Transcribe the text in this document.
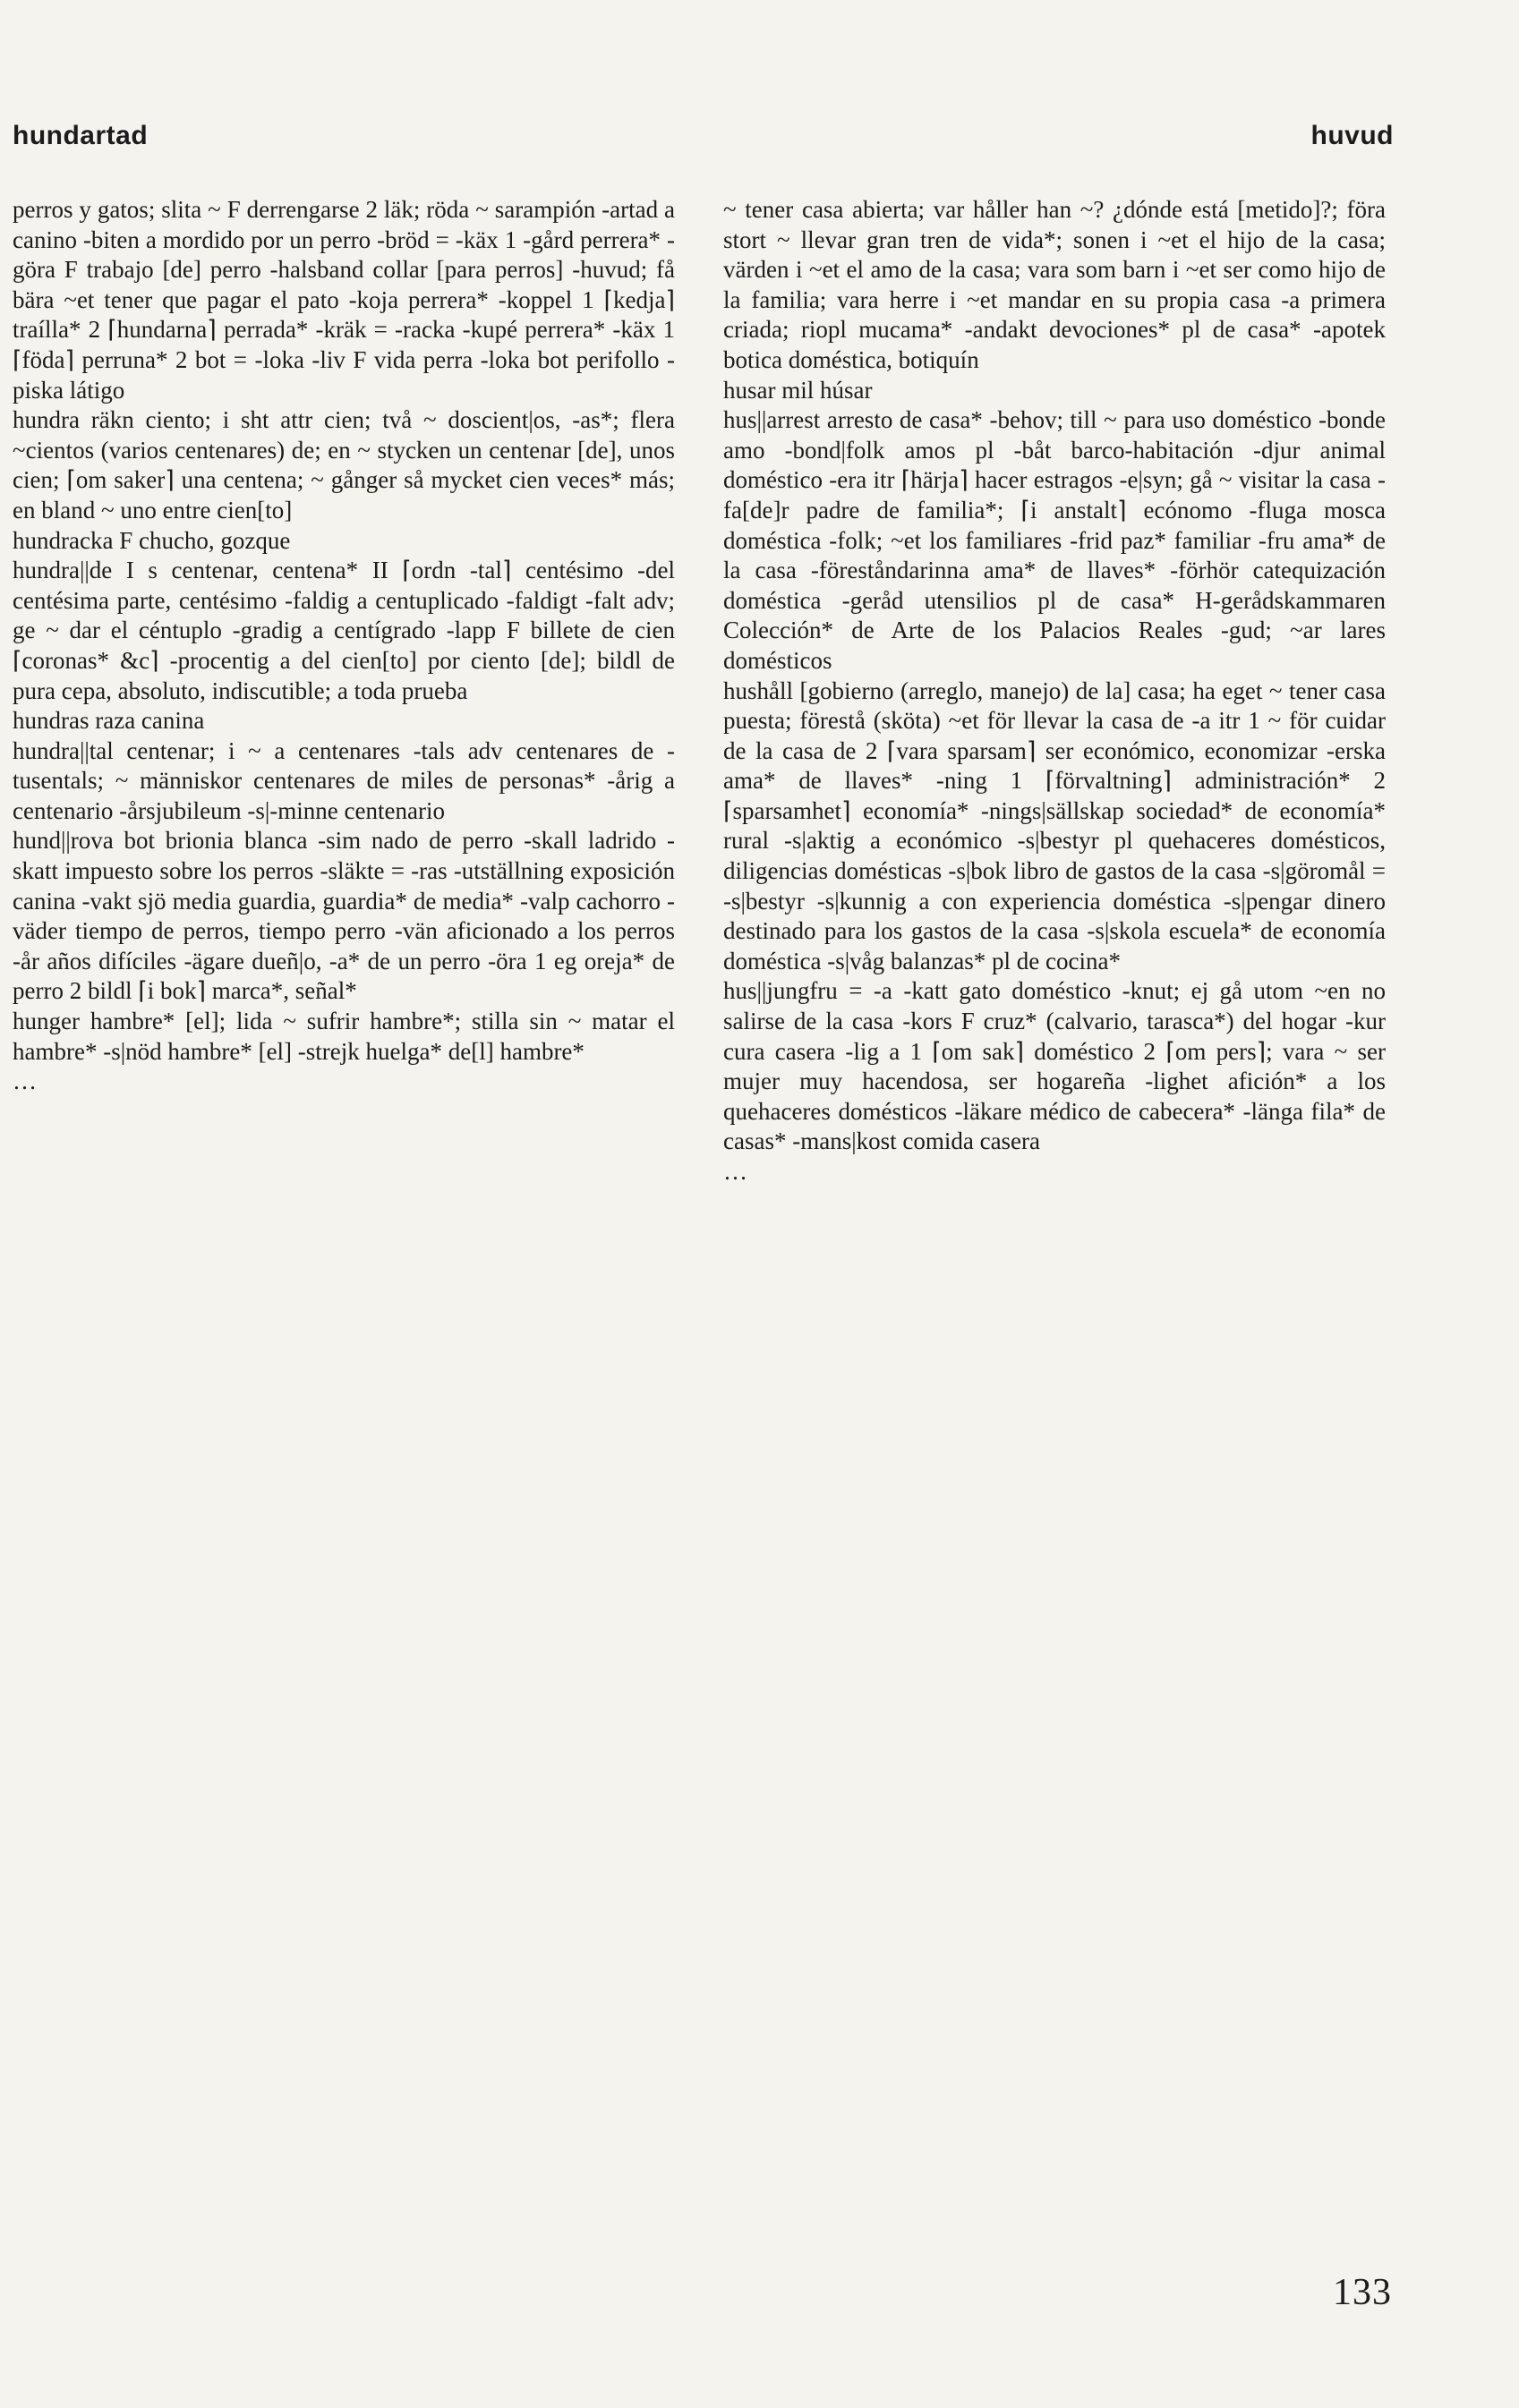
hundartad	huvud

perros y gatos; slita ~ F derrengarse 2 läk; röda ~ sarampión -artad a canino -biten a mordido por un perro -bröd = -käx 1 -gård perrera* -göra F trabajo [de] perro -halsband collar [para perros] -huvud; få bära ~et tener que pagar el pato -koja perrera* -koppel 1 ⌈kedja⌉ traílla* 2 ⌈hundarna⌉ perrada* -kräk = -racka -kupé perrera* -käx 1 ⌈föda⌉ perruna* 2 bot = -loka -liv F vida perra -loka bot perifollo -piska látigo

hundra räkn ciento; i sht attr cien; två ~ doscient|os, -as*; flera ~cientos (varios centenares) de; en ~ stycken un centenar [de], unos cien; ⌈om saker⌉ una centena; ~ gånger så mycket cien veces* más; en bland ~ uno entre cien[to]

hundracka F chucho, gozque

hundra||de I s centenar, centena* II ⌈ordn -tal⌉ centésimo -del centésima parte, centésimo -faldig a centuplicado -faldigt -falt adv; ge ~ dar el céntuplo -gradig a centígrado -lapp F billete de cien ⌈coronas* &c⌉ -procentig a del cien[to] por ciento [de]; bildl de pura cepa, absoluto, indiscutible; a toda prueba

hundras raza canina

hundra||tal centenar; i ~ a centenares -tals adv centenares de -tusentals; ~ människor centenares de miles de personas* -årig a centenario -årsjubileum -s|-minne centenario

hund||rova bot brionia blanca -sim nado de perro -skall ladrido -skatt impuesto sobre los perros -släkte = -ras -utställning exposición canina -vakt sjö media guardia, guardia* de media* -valp cachorro -väder tiempo de perros, tiempo perro -vän aficionado a los perros -år años difíciles -ägare dueñ|o, -a* de un perro -öra 1 eg oreja* de perro 2 bildl ⌈i bok⌉ marca*, señal*

hunger hambre* [el]; lida ~ sufrir hambre*; stilla sin ~ matar el hambre* -s|nöd hambre* [el] -strejk huelga* de[l] hambre*

…

~ tener casa abierta; var håller han ~? ¿dónde está [metido]?; föra stort ~ llevar gran tren de vida*; sonen i ~et el hijo de la casa; värden i ~et el amo de la casa; vara som barn i ~et ser como hijo de la familia; vara herre i ~et mandar en su propia casa -a primera criada; riopl mucama* -andakt devociones* pl de casa* -apotek botica doméstica, botiquín

husar mil húsar

hus||arrest arresto de casa* -behov; till ~ para uso doméstico -bonde amo -bond|folk amos pl -båt barco-habitación -djur animal doméstico -era itr ⌈härja⌉ hacer estragos -e|syn; gå ~ visitar la casa -fa[de]r padre de familia*; ⌈i anstalt⌉ ecónomo -fluga mosca doméstica -folk; ~et los familiares -frid paz* familiar -fru ama* de la casa -föreståndarinna ama* de llaves* -förhör catequización doméstica -geråd utensilios pl de casa* H-gerådskammaren Colección* de Arte de los Palacios Reales -gud; ~ar lares domésticos

hushåll [gobierno (arreglo, manejo) de la] casa; ha eget ~ tener casa puesta; förestå (sköta) ~et för llevar la casa de -a itr 1 ~ för cuidar de la casa de 2 ⌈vara sparsam⌉ ser económico, economizar -erska ama* de llaves* -ning 1 ⌈förvaltning⌉ administración* 2 ⌈sparsamhet⌉ economía* -nings|sällskap sociedad* de economía* rural -s|aktig a económico -s|bestyr pl quehaceres domésticos, diligencias domésticas -s|bok libro de gastos de la casa -s|göromål = -s|bestyr -s|kunnig a con experiencia doméstica -s|pengar dinero destinado para los gastos de la casa -s|skola escuela* de economía doméstica -s|våg balanzas* pl de cocina*

hus||jungfru = -a -katt gato doméstico -knut; ej gå utom ~en no salirse de la casa -kors F cruz* (calvario, tarasca*) del hogar -kur cura casera -lig a 1 ⌈om sak⌉ doméstico 2 ⌈om pers⌉; vara ~ ser mujer muy hacendosa, ser hogareña -lighet afición* a los quehaceres domésticos -läkare médico de cabecera* -länga fila* de casas* -mans|kost comida casera

…

133
